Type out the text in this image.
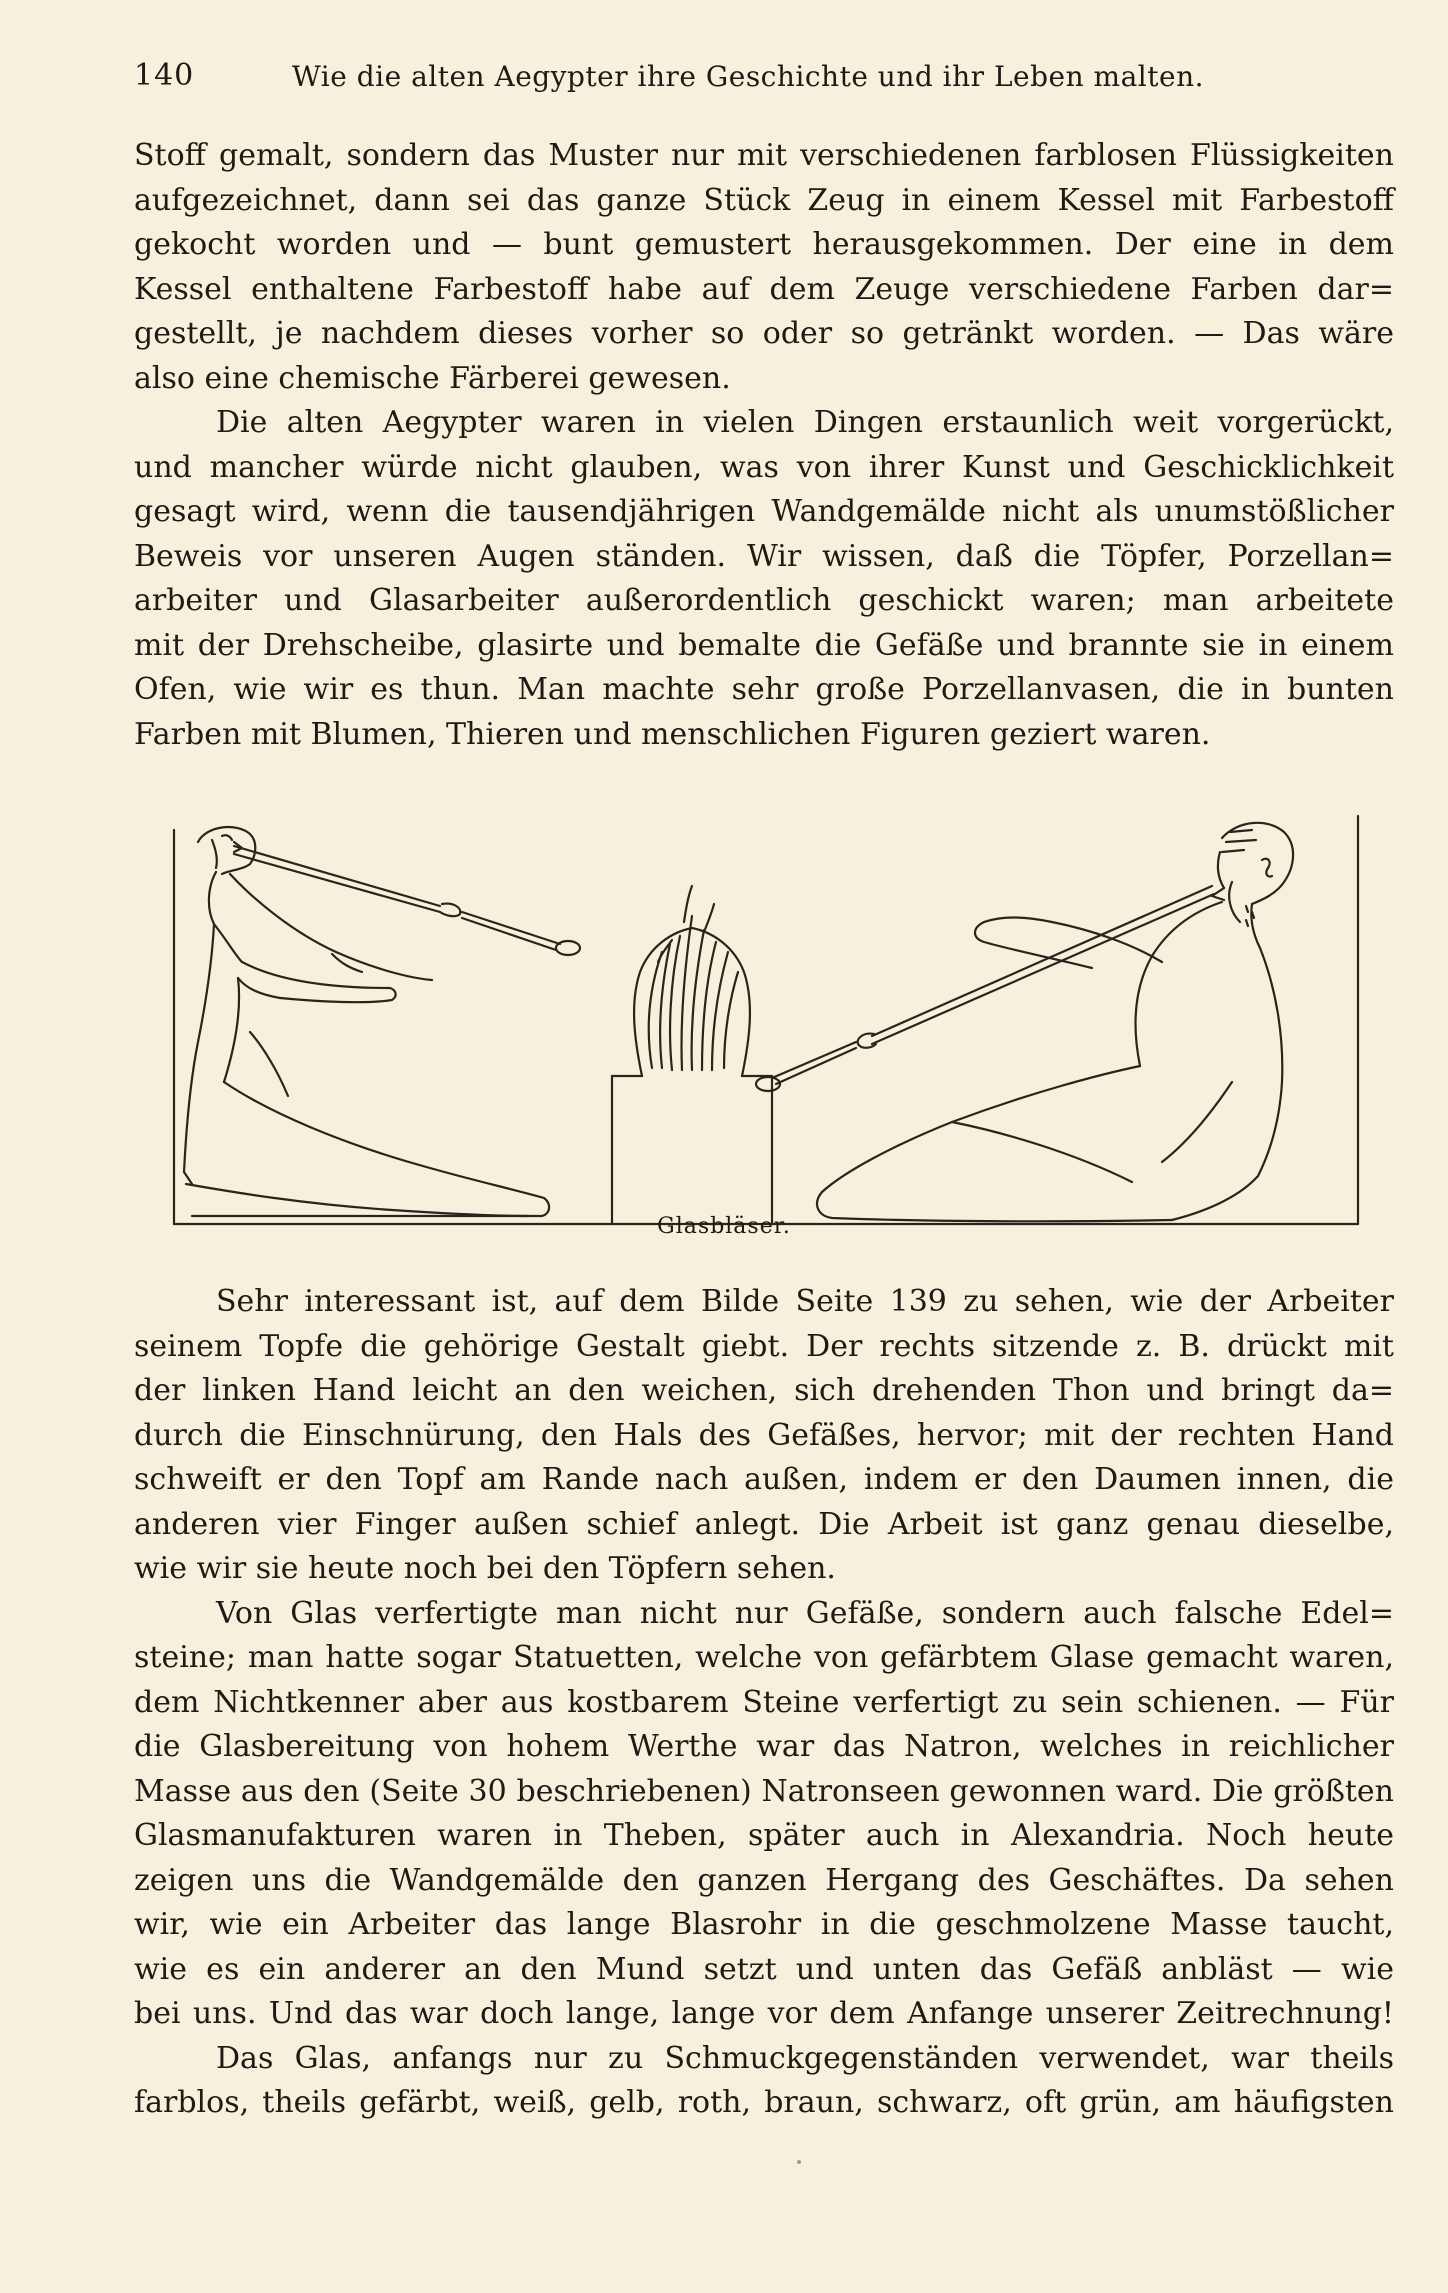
140	Wie die alten Aegypter ihre Geschichte und ihr Leben malten.
Stoff gemalt, sondern das Muster nur mit verschiedenen farblosen Flüssigkeiten
aufgezeichnet, dann sei das ganze Stück Zeug in einem Kessel mit Farbestoff
gekocht worden und — bunt gemustert herausgekommen. Der eine in dem
Kessel enthaltene Farbestoff habe auf dem Zeuge verschiedene Farben dar=
gestellt, je nachdem dieses vorher so oder so getränkt worden. — Das wäre
also eine chemische Färberei gewesen.
Die alten Aegypter waren in vielen Dingen erstaunlich weit vorgerückt,
und mancher würde nicht glauben, was von ihrer Kunst und Geschicklichkeit
gesagt wird, wenn die tausendjährigen Wandgemälde nicht als unumstößlicher
Beweis vor unseren Augen ständen. Wir wissen, daß die Töpfer, Porzellan=
arbeiter und Glasarbeiter außerordentlich geschickt waren; man arbeitete
mit der Drehscheibe, glasirte und bemalte die Gefäße und brannte sie in einem
Ofen, wie wir es thun. Man machte sehr große Porzellanvasen, die in bunten
Farben mit Blumen, Thieren und menschlichen Figuren geziert waren.
Glasbläser.
Sehr interessant ist, auf dem Bilde Seite 139 zu sehen, wie der Arbeiter
seinem Topfe die gehörige Gestalt giebt. Der rechts sitzende z. B. drückt mit
der linken Hand leicht an den weichen, sich drehenden Thon und bringt da=
durch die Einschnürung, den Hals des Gefäßes, hervor; mit der rechten Hand
schweift er den Topf am Rande nach außen, indem er den Daumen innen, die
anderen vier Finger außen schief anlegt. Die Arbeit ist ganz genau dieselbe,
wie wir sie heute noch bei den Töpfern sehen.
Von Glas verfertigte man nicht nur Gefäße, sondern auch falsche Edel=
steine; man hatte sogar Statuetten, welche von gefärbtem Glase gemacht waren,
dem Nichtkenner aber aus kostbarem Steine verfertigt zu sein schienen. — Für
die Glasbereitung von hohem Werthe war das Natron, welches in reichlicher
Masse aus den (Seite 30 beschriebenen) Natronseen gewonnen ward. Die größten
Glasmanufakturen waren in Theben, später auch in Alexandria. Noch heute
zeigen uns die Wandgemälde den ganzen Hergang des Geschäftes. Da sehen
wir, wie ein Arbeiter das lange Blasrohr in die geschmolzene Masse taucht,
wie es ein anderer an den Mund setzt und unten das Gefäß anbläst — wie
bei uns. Und das war doch lange, lange vor dem Anfange unserer Zeitrechnung!
Das Glas, anfangs nur zu Schmuckgegenständen verwendet, war theils
farblos, theils gefärbt, weiß, gelb, roth, braun, schwarz, oft grün, am häufigsten
